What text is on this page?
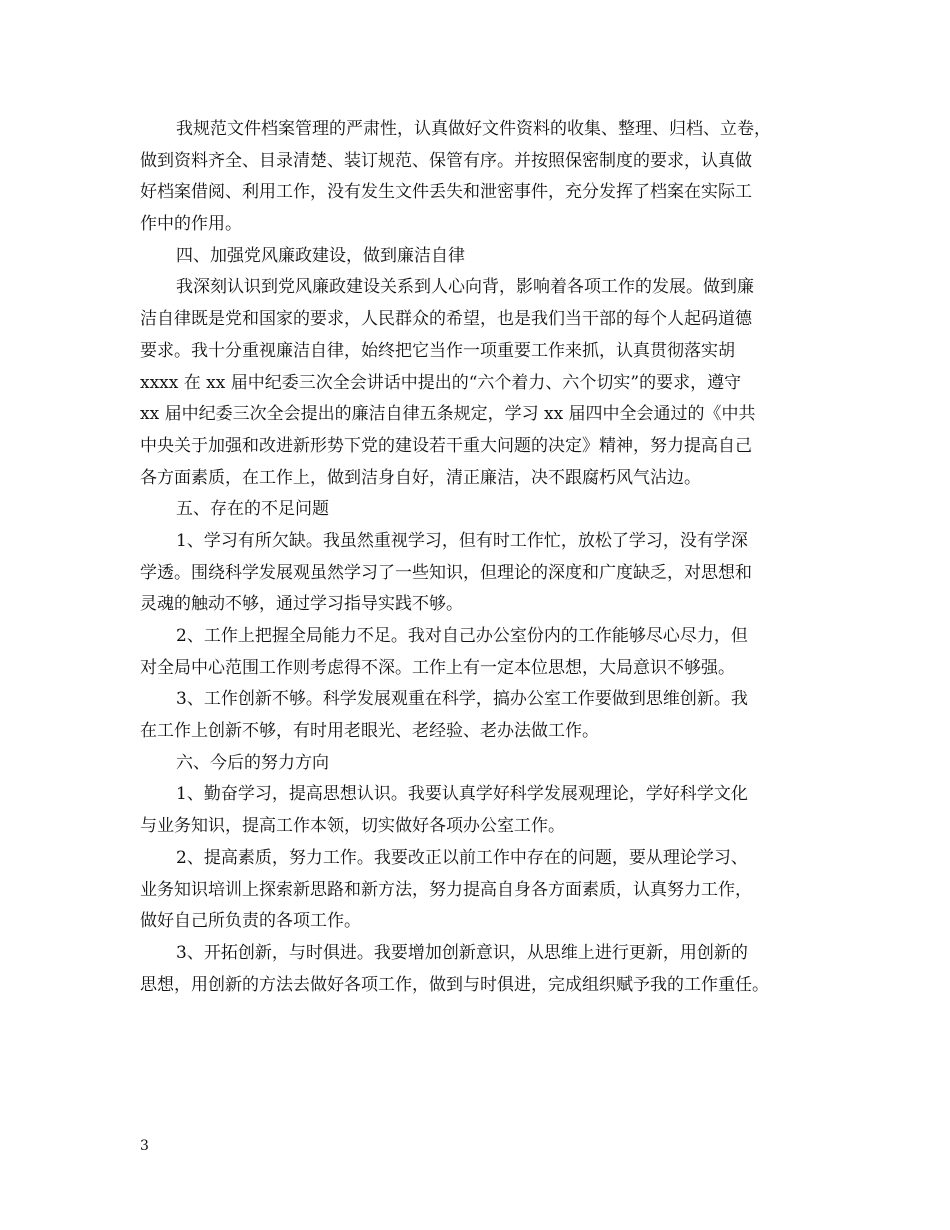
我规范文件档案管理的严肃性，认真做好文件资料的收集、整理、归档、立卷，
做到资料齐全、目录清楚、装订规范、保管有序。并按照保密制度的要求，认真做
好档案借阅、利用工作，没有发生文件丢失和泄密事件，充分发挥了档案在实际工
作中的作用。
四、加强党风廉政建设，做到廉洁自律
我深刻认识到党风廉政建设关系到人心向背，影响着各项工作的发展。做到廉
洁自律既是党和国家的要求，人民群众的希望，也是我们当干部的每个人起码道德
要求。我十分重视廉洁自律，始终把它当作一项重要工作来抓，认真贯彻落实胡
xxxx 在 xx 届中纪委三次全会讲话中提出的“六个着力、六个切实”的要求，遵守
xx 届中纪委三次全会提出的廉洁自律五条规定，学习 xx 届四中全会通过的《中共
中央关于加强和改进新形势下党的建设若干重大问题的决定》精神，努力提高自己
各方面素质，在工作上，做到洁身自好，清正廉洁，决不跟腐朽风气沾边。
五、存在的不足问题
1、学习有所欠缺。我虽然重视学习，但有时工作忙，放松了学习，没有学深
学透。围绕科学发展观虽然学习了一些知识，但理论的深度和广度缺乏，对思想和
灵魂的触动不够，通过学习指导实践不够。
2、工作上把握全局能力不足。我对自己办公室份内的工作能够尽心尽力，但
对全局中心范围工作则考虑得不深。工作上有一定本位思想，大局意识不够强。
3、工作创新不够。科学发展观重在科学，搞办公室工作要做到思维创新。我
在工作上创新不够，有时用老眼光、老经验、老办法做工作。
六、今后的努力方向
1、勤奋学习，提高思想认识。我要认真学好科学发展观理论，学好科学文化
与业务知识，提高工作本领，切实做好各项办公室工作。
2、提高素质，努力工作。我要改正以前工作中存在的问题，要从理论学习、
业务知识培训上探索新思路和新方法，努力提高自身各方面素质，认真努力工作，
做好自己所负责的各项工作。
3、开拓创新，与时俱进。我要增加创新意识，从思维上进行更新，用创新的
思想，用创新的方法去做好各项工作，做到与时俱进，完成组织赋予我的工作重任。
3
